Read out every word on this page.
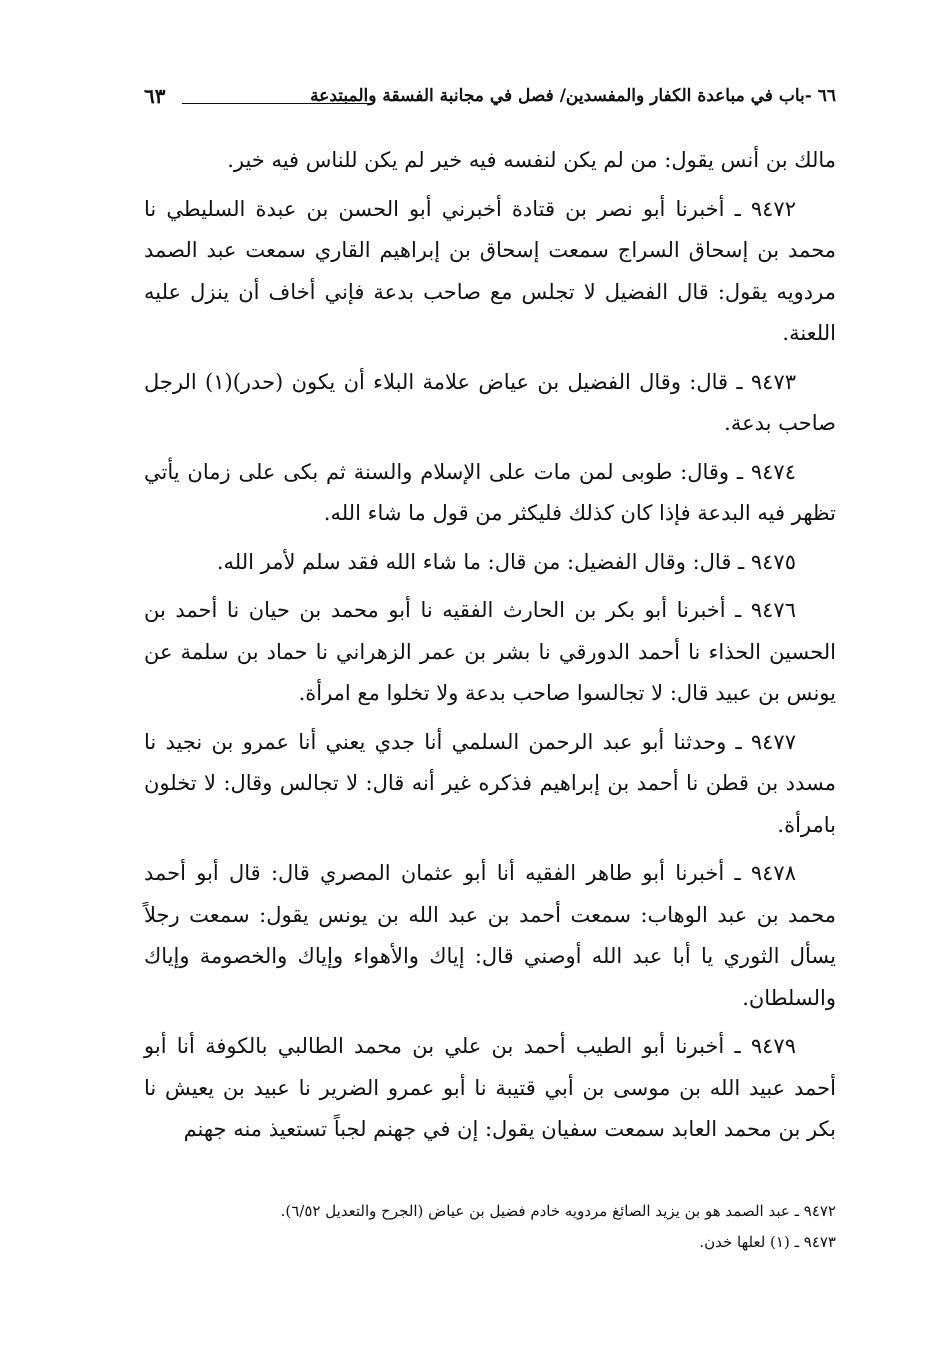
٦٦ -باب في مباعدة الكفار والمفسدين/ فصل في مجانبة الفسقة والمبتدعة
٦٣

مالك بن أنس يقول: من لم يكن لنفسه فيه خير لم يكن للناس فيه خير.

٩٤٧٢ ـ أخبرنا أبو نصر بن قتادة أخبرني أبو الحسن بن عبدة السليطي نا محمد بن إسحاق السراج سمعت إسحاق بن إبراهيم القاري سمعت عبد الصمد مردويه يقول: قال الفضيل لا تجلس مع صاحب بدعة فإني أخاف أن ينزل عليه اللعنة.

٩٤٧٣ ـ قال: وقال الفضيل بن عياض علامة البلاء أن يكون (حدر)(١) الرجل صاحب بدعة.

٩٤٧٤ ـ وقال: طوبى لمن مات على الإسلام والسنة ثم بكى على زمان يأتي تظهر فيه البدعة فإذا كان كذلك فليكثر من قول ما شاء الله.

٩٤٧٥ ـ قال: وقال الفضيل: من قال: ما شاء الله فقد سلم لأمر الله.

٩٤٧٦ ـ أخبرنا أبو بكر بن الحارث الفقيه نا أبو محمد بن حيان نا أحمد بن الحسين الحذاء نا أحمد الدورقي نا بشر بن عمر الزهراني نا حماد بن سلمة عن يونس بن عبيد قال: لا تجالسوا صاحب بدعة ولا تخلوا مع امرأة.

٩٤٧٧ ـ وحدثنا أبو عبد الرحمن السلمي أنا جدي يعني أنا عمرو بن نجيد نا مسدد بن قطن نا أحمد بن إبراهيم فذكره غير أنه قال: لا تجالس وقال: لا تخلون بامرأة.

٩٤٧٨ ـ أخبرنا أبو طاهر الفقيه أنا أبو عثمان المصري قال: قال أبو أحمد محمد بن عبد الوهاب: سمعت أحمد بن عبد الله بن يونس يقول: سمعت رجلاً يسأل الثوري يا أبا عبد الله أوصني قال: إياك والأهواء وإياك والخصومة وإياك والسلطان.

٩٤٧٩ ـ أخبرنا أبو الطيب أحمد بن علي بن محمد الطالبي بالكوفة أنا أبو أحمد عبيد الله بن موسى بن أبي قتيبة نا أبو عمرو الضرير نا عبيد بن يعيش نا بكر بن محمد العابد سمعت سفيان يقول: إن في جهنم لجباً تستعيذ منه جهنم

٩٤٧٢ ـ عبد الصمد هو بن يزيد الصائغ مردويه خادم فضيل بن عياض (الجرح والتعديل ٦/٥٢).

٩٤٧٣ ـ (١) لعلها خدن.
